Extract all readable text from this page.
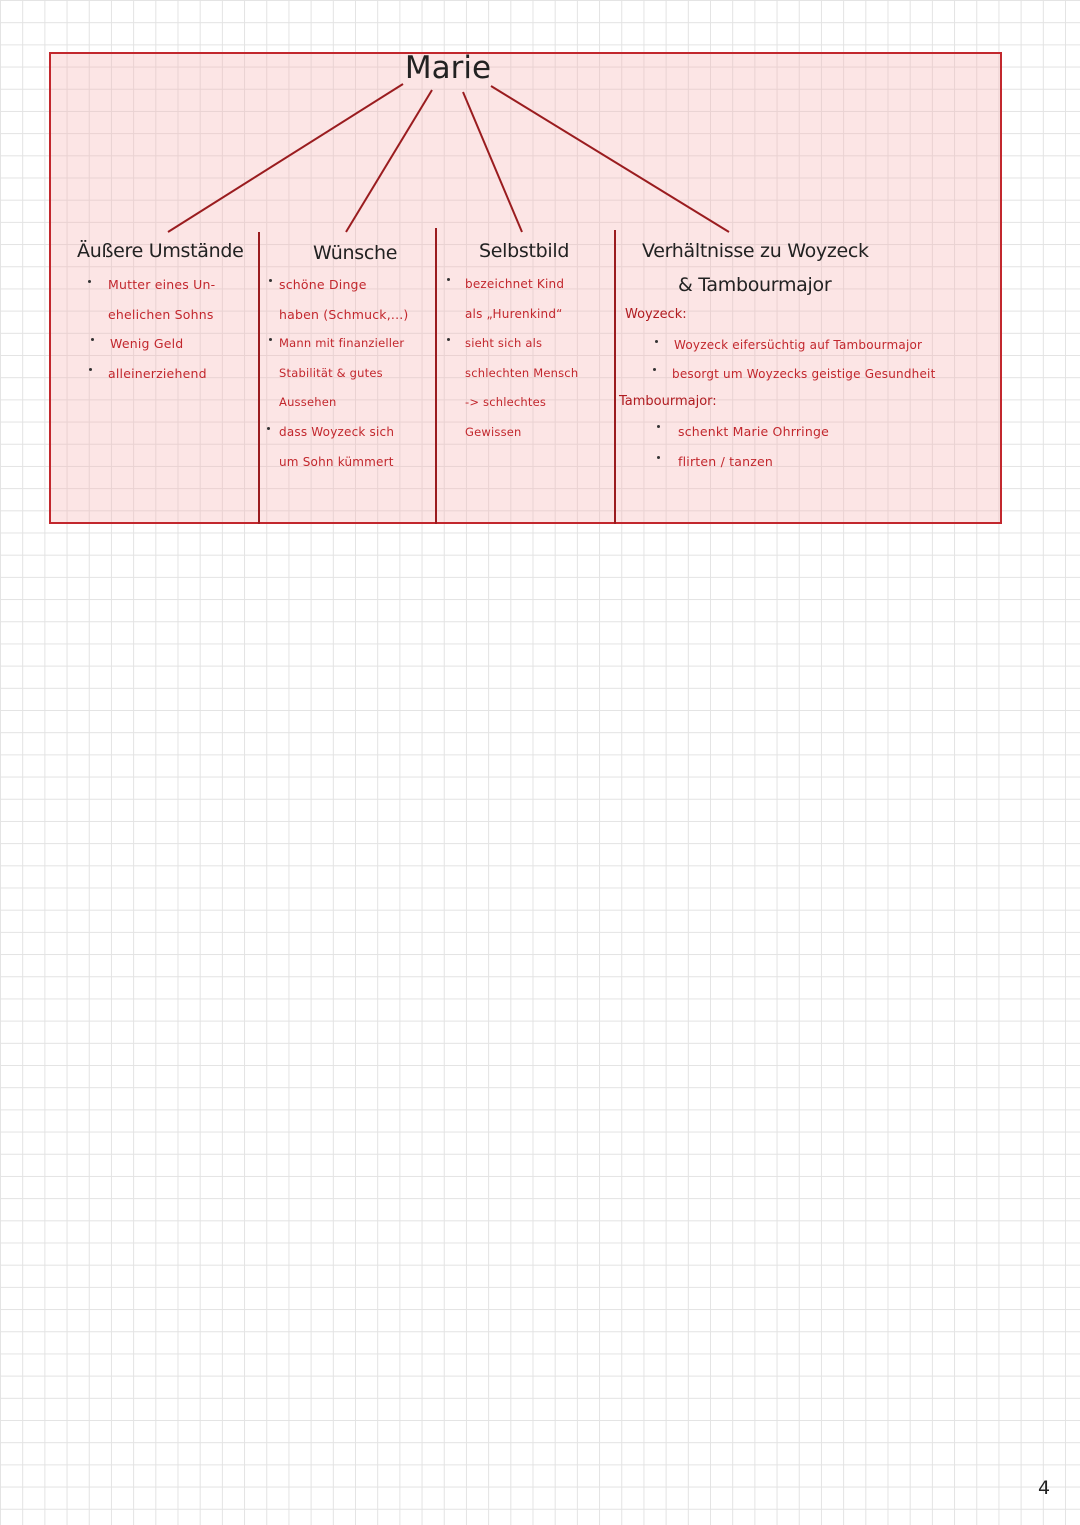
Marie
Äußere Umstände
Mutter eines Un-
ehelichen Sohns
Wenig Geld
alleinerziehend
Wünsche
schöne Dinge
haben (Schmuck,...)
Mann mit finanzieller
Stabilität & gutes
Aussehen
dass Woyzeck sich
um Sohn kümmert
Selbstbild
bezeichnet Kind
als „Hurenkind“
sieht sich als
schlechten Mensch
-> schlechtes
Gewissen
Verhältnisse zu Woyzeck
& Tambourmajor
Woyzeck:
Woyzeck eifersüchtig auf Tambourmajor
besorgt um Woyzecks geistige Gesundheit
Tambourmajor:
schenkt Marie Ohrringe
flirten / tanzen
4
